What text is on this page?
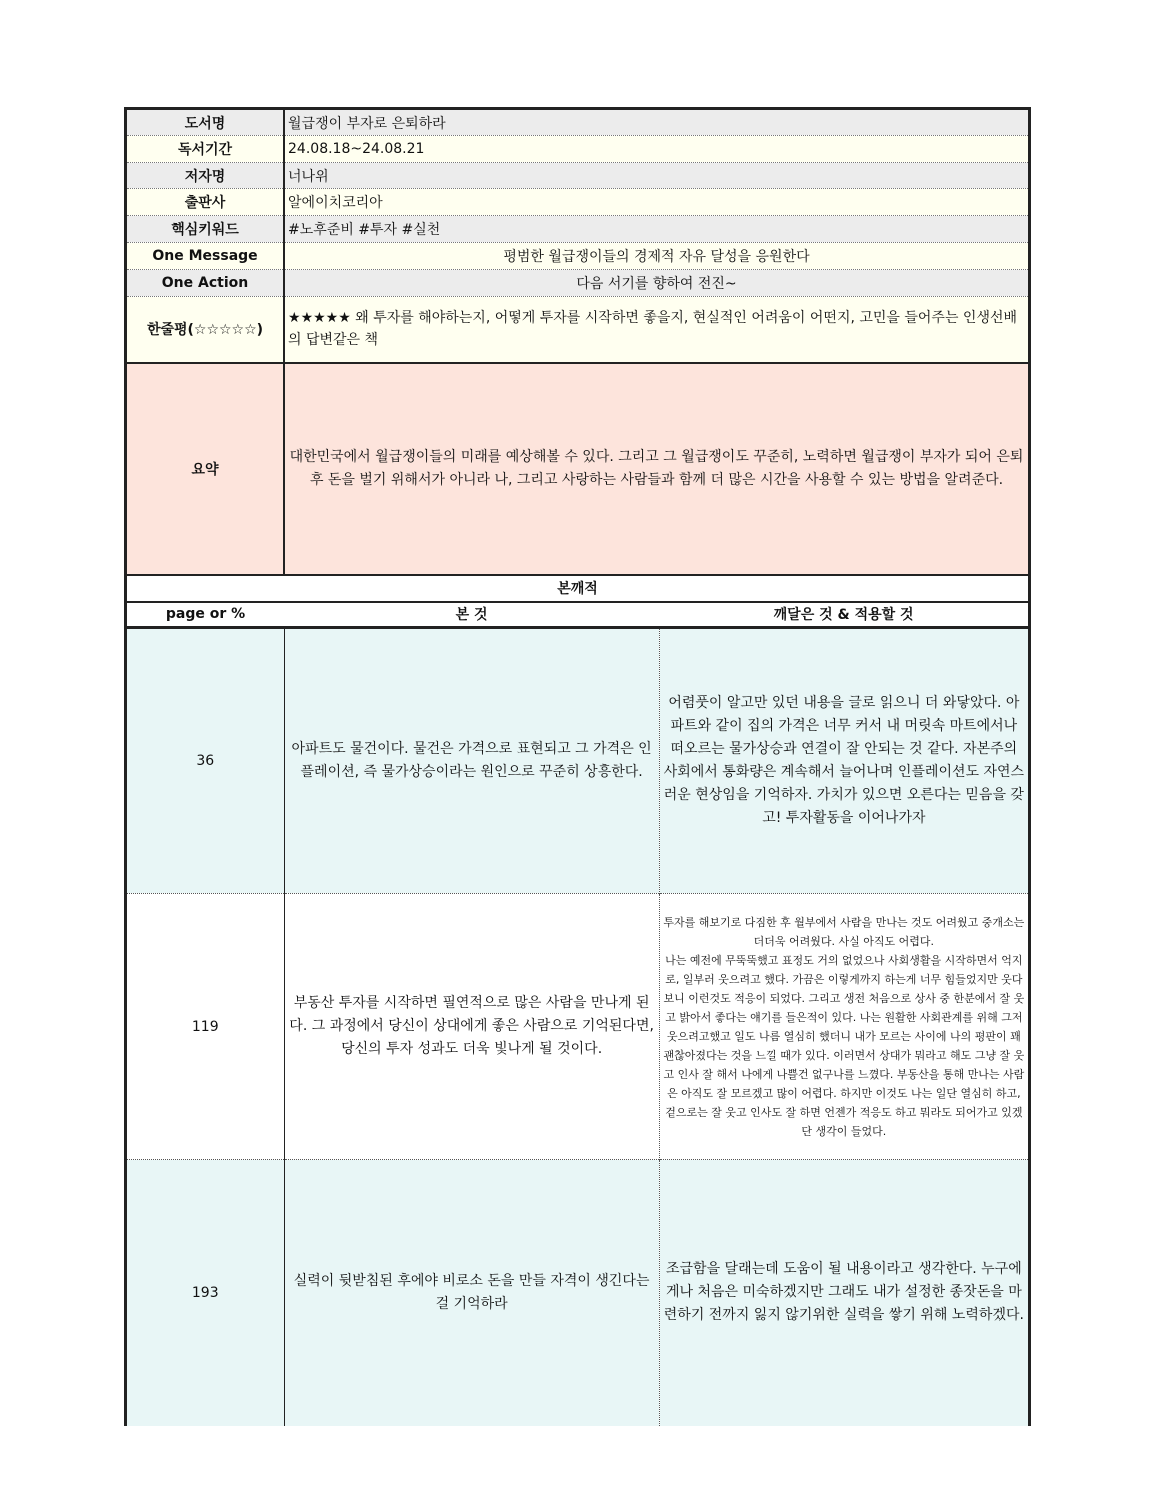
도서명	월급쟁이 부자로 은퇴하라
독서기간	24.08.18~24.08.21
저자명	너나위
출판사	알에이치코리아
핵심키워드	#노후준비 #투자 #실천
One Message	평범한 월급쟁이들의 경제적 자유 달성을 응원한다
One Action	다음 서기를 향하여 전진~
한줄평(☆☆☆☆☆)	★★★★★ 왜 투자를 해야하는지, 어떻게 투자를 시작하면 좋을지, 현실적인 어려움이 어떤지, 고민을 들어주는 인생선배의 답변같은 책
요약	대한민국에서 월급쟁이들의 미래를 예상해볼 수 있다. 그리고 그 월급쟁이도 꾸준히, 노력하면 월급쟁이 부자가 되어 은퇴 후 돈을 벌기 위해서가 아니라 나, 그리고 사랑하는 사람들과 함께 더 많은 시간을 사용할 수 있는 방법을 알려준다.
본깨적		
page or %	본 것	깨달은 것 & 적용할 것
36	아파트도 물건이다. 물건은 가격으로 표현되고 그 가격은 인플레이션, 즉 물가상승이라는 원인으로 꾸준히 상흥한다.	어렴풋이 알고만 있던 내용을 글로 읽으니 더 와닿았다. 아파트와 같이 집의 가격은 너무 커서 내 머릿속 마트에서나 떠오르는 물가상승과 연결이 잘 안되는 것 같다. 자본주의 사회에서 통화량은 계속해서 늘어나며 인플레이션도 자연스러운 현상임을 기억하자. 가치가 있으면 오른다는 믿음을 갖고! 투자활동을 이어나가자
119	부동산 투자를 시작하면 필연적으로 많은 사람을 만나게 된다. 그 과정에서 당신이 상대에게 좋은 사람으로 기억된다면, 당신의 투자 성과도 더욱 빛나게 될 것이다.	투자를 해보기로 다짐한 후 월부에서 사람을 만나는 것도 어려웠고 중개소는 더더욱 어려웠다. 사실 아직도 어렵다.
나는 예전에 무뚝뚝했고 표정도 거의 없었으나 사회생활을 시작하면서 억지로, 일부러 웃으려고 했다. 가끔은 이렇게까지 하는게 너무 힘들었지만 웃다보니 이런것도 적응이 되었다. 그리고 생전 처음으로 상사 중 한분에서 잘 웃고 밝아서 좋다는 얘기를 들은적이 있다. 나는 원활한 사회관계를 위해 그저 웃으려고했고 일도 나름 열심히 했더니 내가 모르는 사이에 나의 평판이 꽤 괜찮아졌다는 것을 느낄 때가 있다. 이러면서 상대가 뭐라고 해도 그냥 잘 웃고 인사 잘 해서 나에게 나쁠건 없구나를 느꼈다. 부동산을 통해 만나는 사람은 아직도 잘 모르겠고 많이 어렵다. 하지만 이것도 나는 일단 열심히 하고, 겉으로는 잘 웃고 인사도 잘 하면 언젠가 적응도 하고 뭐라도 되어가고 있겠단 생각이 들었다.
193	실력이 뒷받침된 후에야 비로소 돈을 만들 자격이 생긴다는 걸 기억하라	조급함을 달래는데 도움이 될 내용이라고 생각한다. 누구에게나 처음은 미숙하겠지만 그래도 내가 설정한 종잣돈을 마련하기 전까지 잃지 않기위한 실력을 쌓기 위해 노력하겠다.
